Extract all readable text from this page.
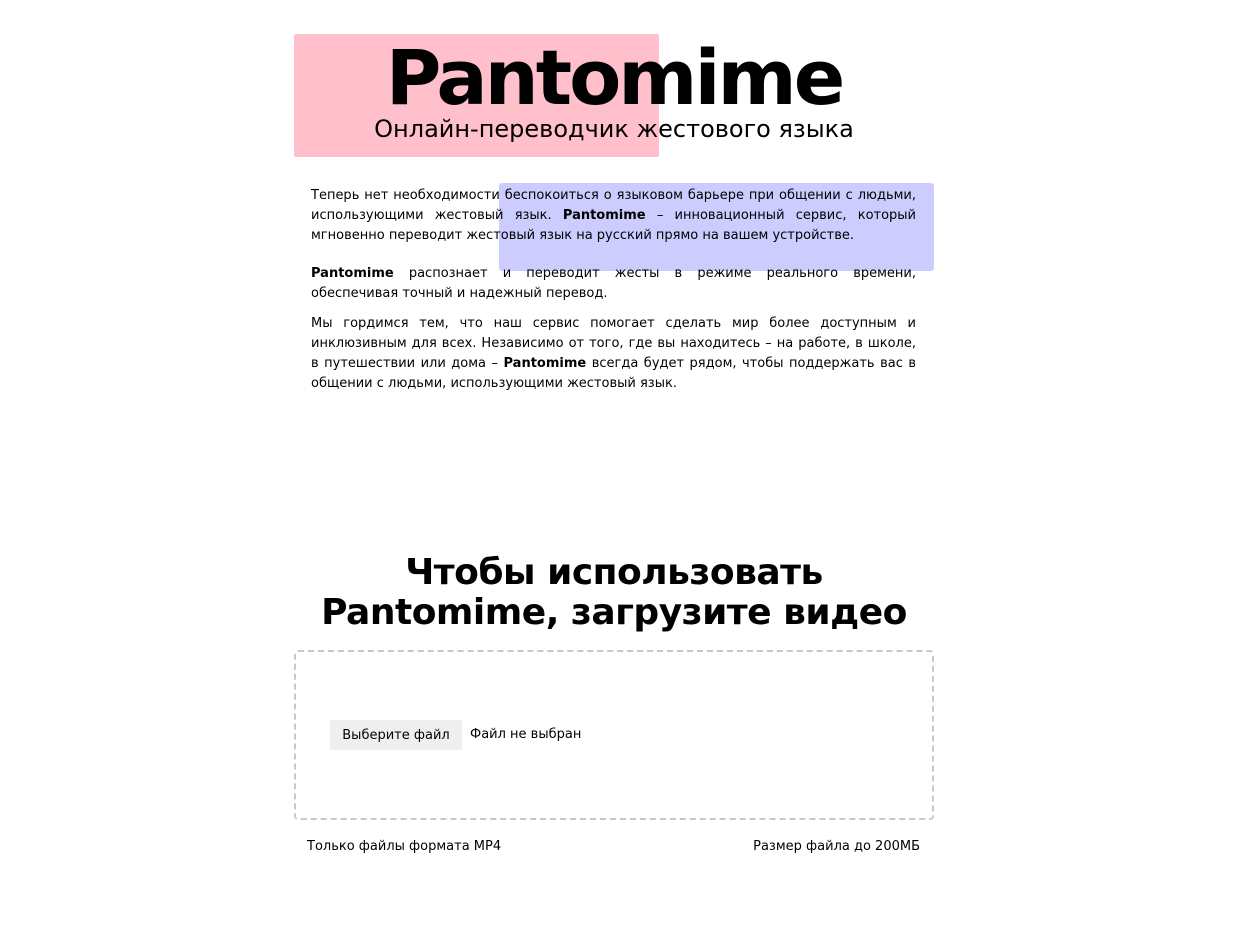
Pantomime
Онлайн-переводчик жестового языка

Теперь нет необходимости беспокоиться о языковом барьере при общении с людьми, использующими жестовый язык. Pantomime – инновационный сервис, который мгновенно переводит жестовый язык на русский прямо на вашем устройстве.

Pantomime распознает и переводит жесты в режиме реального времени, обеспечивая точный и надежный перевод.

Мы гордимся тем, что наш сервис помогает сделать мир более доступным и инклюзивным для всех. Независимо от того, где вы находитесь – на работе, в школе, в путешествии или дома – Pantomime всегда будет рядом, чтобы поддержать вас в общении с людьми, использующими жестовый язык.

Чтобы использовать
Pantomime, загрузите видео
Выберите файл	Файл не выбран
Только файлы формата MP4	Размер файла до 200МБ
